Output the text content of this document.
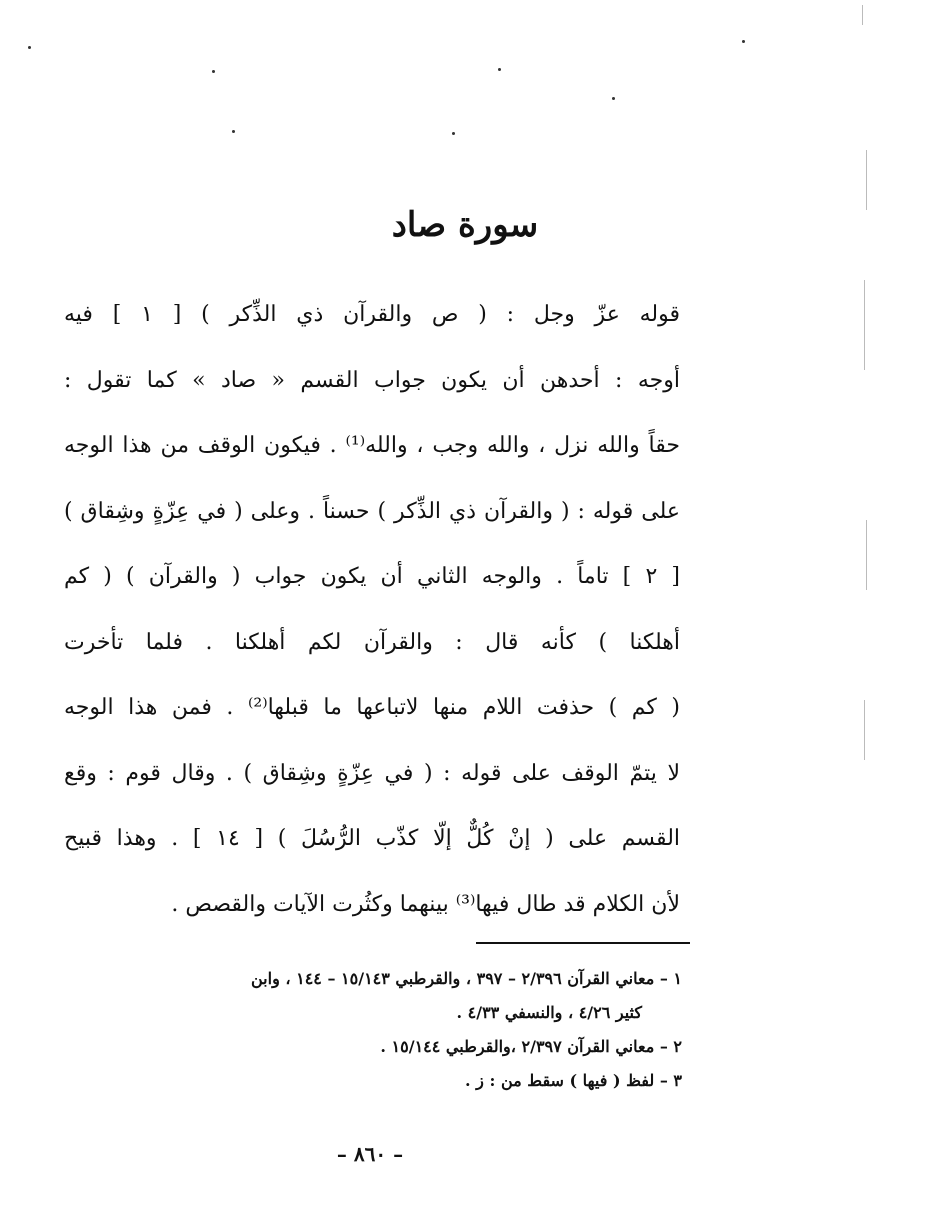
سورة صاد
قوله عزّ وجل : ( ص والقرآن ذي الذِّكر ) [ ١ ] فيه
أوجه : أحدهن أن يكون جواب القسم « صاد » كما تقول :
حقاً والله نزل ، والله وجب ، والله⁽¹⁾ . فيكون الوقف من هذا الوجه
على قوله : ( والقرآن ذي الذِّكر ) حسناً . وعلى ( في عِزّةٍ وشِقاق )
[ ٢ ] تاماً . والوجه الثاني أن يكون جواب ( والقرآن ) ( كم
أهلكنا ) كأنه قال : والقرآن لكم أهلكنا . فلما تأخرت
( كم ) حذفت اللام منها لاتباعها ما قبلها⁽²⁾ . فمن هذا الوجه
لا يتمّ الوقف على قوله : ( في عِزّةٍ وشِقاق ) . وقال قوم : وقع
القسم على ( إنْ كُلٌّ إلّا كذّب الرُّسُلَ ) [ ١٤ ] . وهذا قبيح
لأن الكلام قد طال فيها⁽³⁾ بينهما وكثُرت الآيات والقصص .
١ – معاني القرآن ٢/٣٩٦ – ٣٩٧ ، والقرطبي ١٥/١٤٣ – ١٤٤ ، وابن
كثير ٤/٢٦ ، والنسفي ٤/٣٣ .
٢ – معاني القرآن ٢/٣٩٧ ،والقرطبي ١٥/١٤٤ .
٣ – لفظ ( فيها ) سقط من : ز .
– ٨٦٠ –
